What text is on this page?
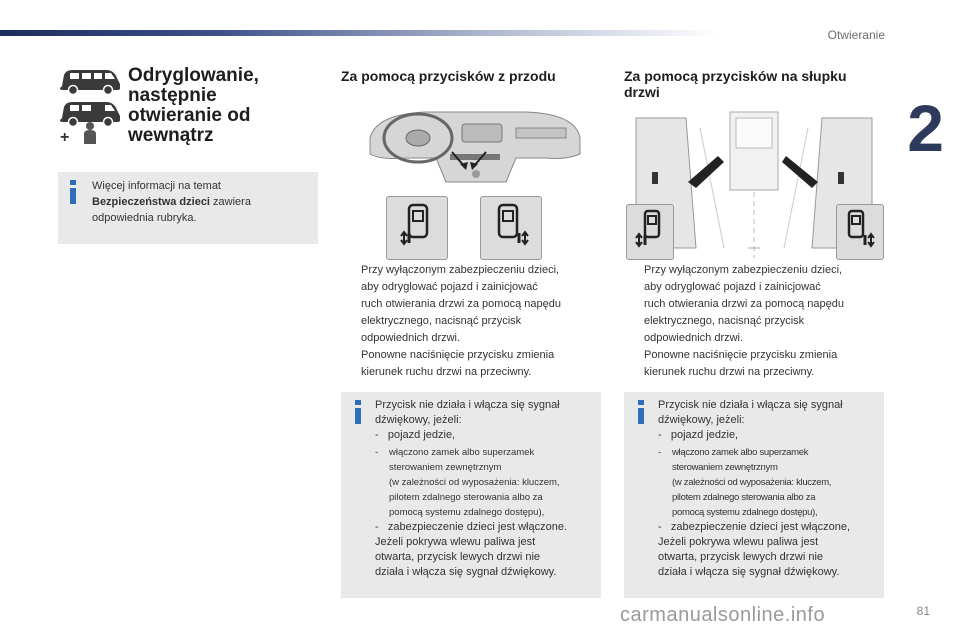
Otwieranie
2
+
Odryglowanie,
następnie
otwieranie od
wewnątrz
Więcej informacji na temat
Bezpieczeństwa dzieci zawiera
odpowiednia rubryka.
Za pomocą przycisków z przodu
Przy wyłączonym zabezpieczeniu dzieci,
aby odryglować pojazd i zainicjować
ruch otwierania drzwi za pomocą napędu
elektrycznego, nacisnąć przycisk
odpowiednich drzwi.
Ponowne naciśnięcie przycisku zmienia
kierunek ruchu drzwi na przeciwny.
Przycisk nie działa i włącza się sygnał
dźwiękowy, jeżeli:
- pojazd jedzie,
- włączono zamek albo superzamek
sterowaniem zewnętrznym
(w zależności od wyposażenia: kluczem,
pilotem zdalnego sterowania albo za
pomocą systemu zdalnego dostępu),
- zabezpieczenie dzieci jest włączone.
Jeżeli pokrywa wlewu paliwa jest
otwarta, przycisk lewych drzwi nie
działa i włącza się sygnał dźwiękowy.
Za pomocą przycisków na słupku
drzwi
Przy wyłączonym zabezpieczeniu dzieci,
aby odryglować pojazd i zainicjować
ruch otwierania drzwi za pomocą napędu
elektrycznego, nacisnąć przycisk
odpowiednich drzwi.
Ponowne naciśnięcie przycisku zmienia
kierunek ruchu drzwi na przeciwny.
Przycisk nie działa i włącza się sygnał
dźwiękowy, jeżeli:
- pojazd jedzie,
- włączono zamek albo superzamek
sterowaniem zewnętrznym
(w zależności od wyposażenia: kluczem,
pilotem zdalnego sterowania albo za
pomocą systemu zdalnego dostępu),
- zabezpieczenie dzieci jest włączone,
Jeżeli pokrywa wlewu paliwa jest
otwarta, przycisk lewych drzwi nie
działa i włącza się sygnał dźwiękowy.
81
carmanualsonline.info
